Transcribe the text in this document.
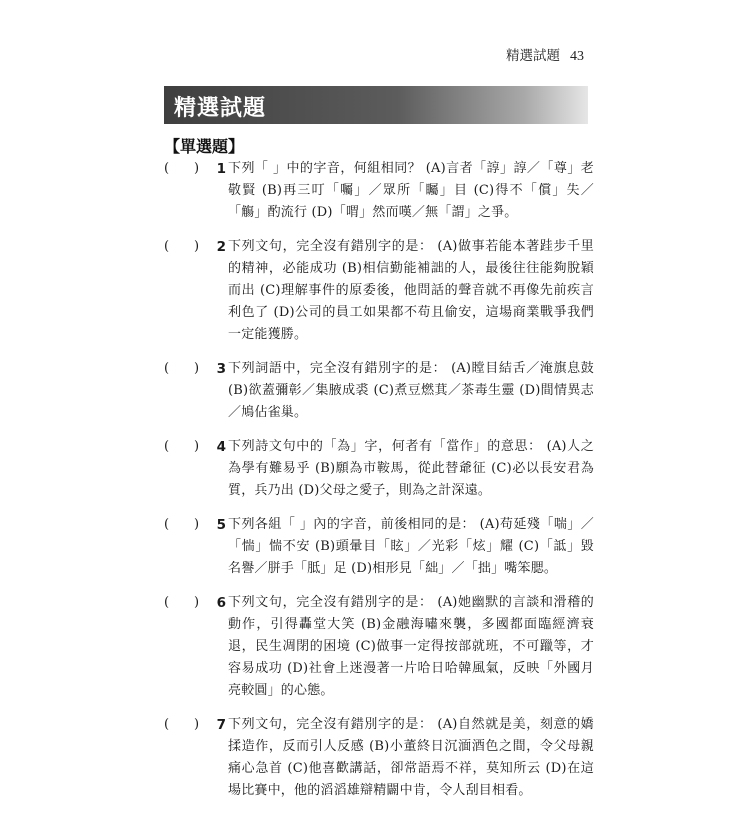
精選試題 43
精選試題
【單選題】
( ) 1 下列「 」中的字音，何組相同？ (A)言者「諄」諄／「尊」老敬賢 (B)再三叮「囑」／眾所「矚」目 (C)得不「償」失／「觴」酌流行 (D)「喟」然而嘆／無「謂」之爭。
( ) 2 下列文句，完全沒有錯別字的是： (A)做事若能本著跬步千里的精神，必能成功 (B)相信勤能補詘的人，最後往往能夠脫穎而出 (C)理解事件的原委後，他問話的聲音就不再像先前疾言利色了 (D)公司的員工如果都不苟且偷安，這場商業戰爭我們一定能獲勝。
( ) 3 下列詞語中，完全沒有錯別字的是： (A)瞠目結舌／淹旗息鼓 (B)欲蓋彌彰／集腋成裘 (C)煮豆燃萁／茶毒生靈 (D)間情異志／鳩佔雀巢。
( ) 4 下列詩文句中的「為」字，何者有「當作」的意思： (A)人之為學有難易乎 (B)願為市鞍馬，從此替爺征 (C)必以長安君為質，兵乃出 (D)父母之愛子，則為之計深遠。
( ) 5 下列各組「 」內的字音，前後相同的是： (A)苟延殘「喘」／「惴」惴不安 (B)頭暈目「眩」／光彩「炫」耀 (C)「詆」毀名譽／胼手「胝」足 (D)相形見「絀」／「拙」嘴笨腮。
( ) 6 下列文句，完全沒有錯別字的是： (A)她幽默的言談和滑稽的動作，引得轟堂大笑 (B)金融海嘯來襲，多國都面臨經濟衰退，民生凋閉的困境 (C)做事一定得按部就班，不可躐等，才容易成功 (D)社會上迷漫著一片哈日哈韓風氣，反映「外國月亮較圓」的心態。
( ) 7 下列文句，完全沒有錯別字的是： (A)自然就是美，刻意的嬌揉造作，反而引人反感 (B)小董終日沉湎酒色之間，令父母親痛心急首 (C)他喜歡講話，卻常語焉不祥，莫知所云 (D)在這場比賽中，他的滔滔雄辯精闢中肯，令人刮目相看。
